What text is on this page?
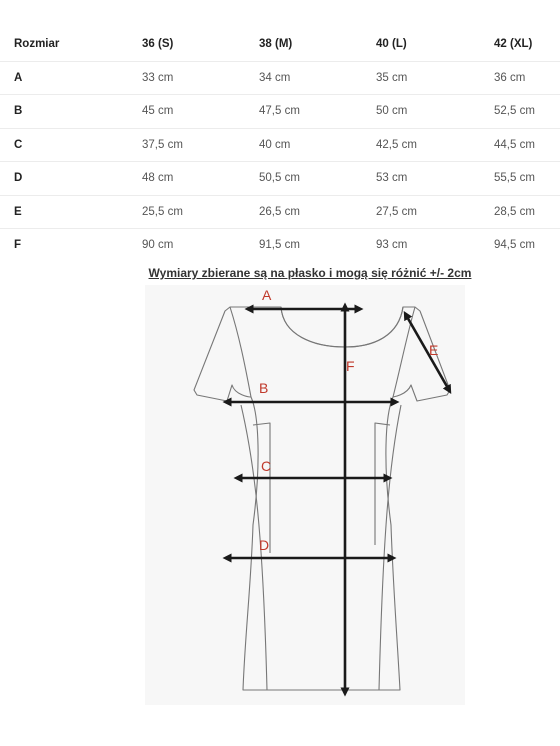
Rozmiar	36 (S)	38 (M)	40 (L)	42 (XL)
A	33 cm	34 cm	35 cm	36 cm
B	45 cm	47,5 cm	50 cm	52,5 cm
C	37,5 cm	40 cm	42,5 cm	44,5 cm
D	48 cm	50,5 cm	53 cm	55,5 cm
E	25,5 cm	26,5 cm	27,5 cm	28,5 cm
F	90 cm	91,5 cm	93 cm	94,5 cm
Wymiary zbierane są na płasko i mogą się różnić +/- 2cm
A
B
C
D
E
F
